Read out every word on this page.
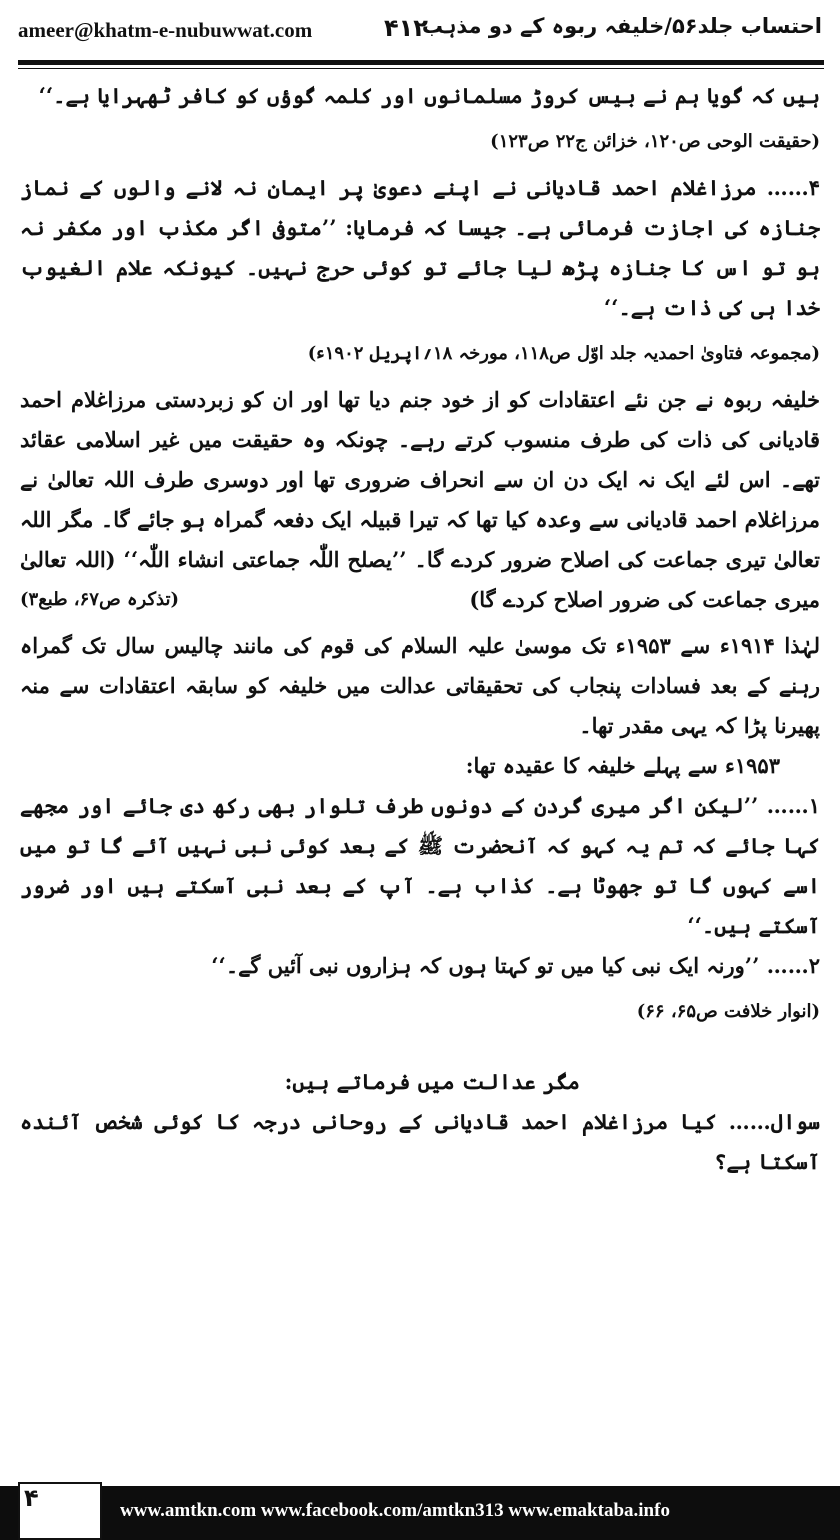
ameer@khatm-e-nubuwwat.com	۴۱۲
احتساب جلد۵۶/خلیفہ ربوہ کے دو مذہب

ہیں کہ گویا ہم نے بیس کروڑ مسلمانوں اور کلمہ گوؤں کو کافر ٹھہرایا ہے۔‘‘

(حقیقت الوحی ص۱۲۰، خزائن ج۲۲ ص۱۲۳)

۴…… مرزاغلام احمد قادیانی نے اپنے دعویٰ پر ایمان نہ لانے والوں کے نماز جنازہ کی اجازت فرمائی ہے۔ جیسا کہ فرمایا: ’’متوفی اگر مکذب اور مکفر نہ ہو تو اس کا جنازہ پڑھ لیا جائے تو کوئی حرج نہیں۔ کیونکہ علام الغیوب خدا ہی کی ذات ہے۔‘‘

(مجموعہ فتاویٰ احمدیہ جلد اوّل ص۱۱۸، مورخہ ۱۸؍اپریل ۱۹۰۲ء)

خلیفہ ربوہ نے جن نئے اعتقادات کو از خود جنم دیا تھا اور ان کو زبردستی مرزاغلام احمد قادیانی کی ذات کی طرف منسوب کرتے رہے۔ چونکہ وہ حقیقت میں غیر اسلامی عقائد تھے۔ اس لئے ایک نہ ایک دن ان سے انحراف ضروری تھا اور دوسری طرف اللہ تعالیٰ نے مرزاغلام احمد قادیانی سے وعدہ کیا تھا کہ تیرا قبیلہ ایک دفعہ گمراہ ہو جائے گا۔ مگر اللہ تعالیٰ تیری جماعت کی اصلاح ضرور کردے گا۔ ’’یصلح اللّٰہ جماعتی انشاء اللّٰہ‘‘ (اللہ تعالیٰ میری جماعت کی ضرور اصلاح کردے گا)

(تذکرہ ص۶۷، طبع۳)

لہٰذا ۱۹۱۴ء سے ۱۹۵۳ء تک موسیٰ علیہ السلام کی قوم کی مانند چالیس سال تک گمراہ رہنے کے بعد فسادات پنجاب کی تحقیقاتی عدالت میں خلیفہ کو سابقہ اعتقادات سے منہ پھیرنا پڑا کہ یہی مقدر تھا۔

۱۹۵۳ء سے پہلے خلیفہ کا عقیدہ تھا:

۱…… ’’لیکن اگر میری گردن کے دونوں طرف تلوار بھی رکھ دی جائے اور مجھے کہا جائے کہ تم یہ کہو کہ آنحضرت ﷺ کے بعد کوئی نبی نہیں آئے گا تو میں اسے کہوں گا تو جھوٹا ہے۔ کذاب ہے۔ آپ کے بعد نبی آسکتے ہیں اور ضرور آسکتے ہیں۔‘‘

۲…… ’’ورنہ ایک نبی کیا میں تو کہتا ہوں کہ ہزاروں نبی آئیں گے۔‘‘

(انوار خلافت ص۶۵، ۶۶)

مگر عدالت میں فرماتے ہیں:

سوال…… کیا مرزاغلام احمد قادیانی کے روحانی درجہ کا کوئی شخص آئندہ آسکتا ہے؟

۴	www.amtkn.com www.facebook.com/amtkn313 www.emaktaba.info
